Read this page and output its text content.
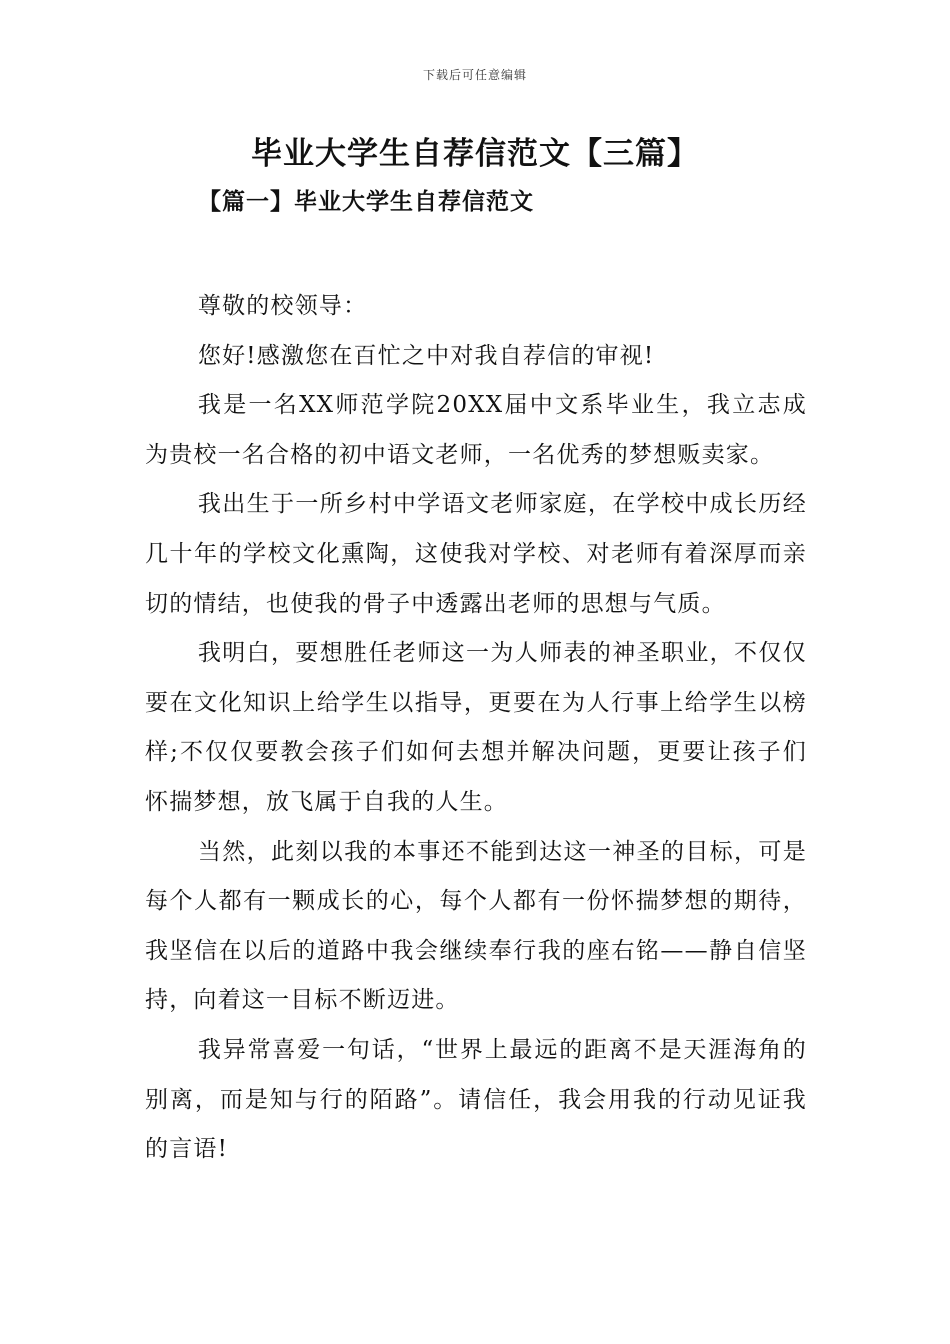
下载后可任意编辑
毕业大学生自荐信范文【三篇】
【篇一】毕业大学生自荐信范文

尊敬的校领导：

您好!感激您在百忙之中对我自荐信的审视!

我是一名XX师范学院20XX届中文系毕业生，我立志成为贵校一名合格的初中语文老师，一名优秀的梦想贩卖家。

我出生于一所乡村中学语文老师家庭，在学校中成长历经几十年的学校文化熏陶，这使我对学校、对老师有着深厚而亲切的情结，也使我的骨子中透露出老师的思想与气质。

我明白，要想胜任老师这一为人师表的神圣职业，不仅仅要在文化知识上给学生以指导，更要在为人行事上给学生以榜样;不仅仅要教会孩子们如何去想并解决问题，更要让孩子们怀揣梦想，放飞属于自我的人生。

当然，此刻以我的本事还不能到达这一神圣的目标，可是每个人都有一颗成长的心，每个人都有一份怀揣梦想的期待，我坚信在以后的道路中我会继续奉行我的座右铭——静自信坚持，向着这一目标不断迈进。

我异常喜爱一句话，“世界上最远的距离不是天涯海角的别离，而是知与行的陌路”。请信任，我会用我的行动见证我的言语!
